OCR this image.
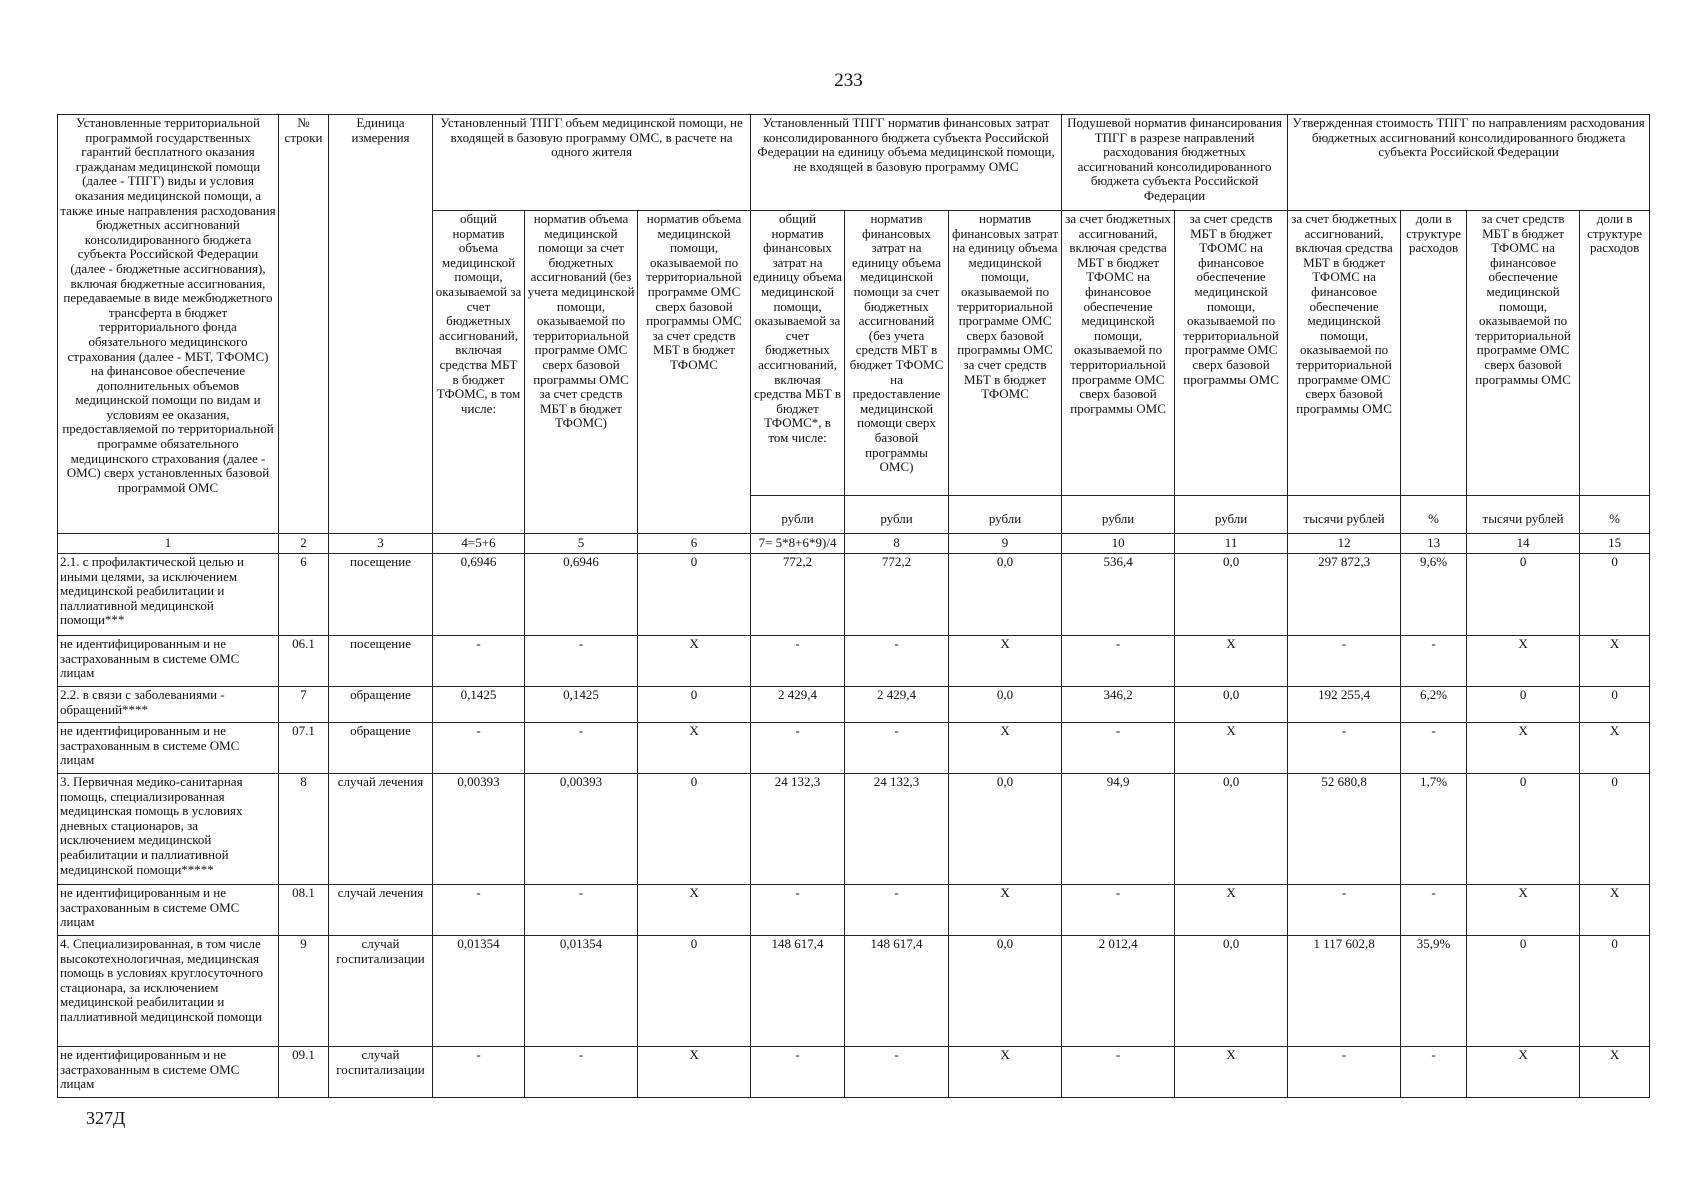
233
Установленные территориальной программой государственных гарантий бесплатного оказания гражданам медицинской помощи (далее - ТПГГ) виды и условия оказания медицинской помощи, а также иные направления расходования бюджетных ассигнований консолидированного бюджета субъекта Российской Федерации (далее - бюджетные ассигнования), включая бюджетные ассигнования, передаваемые в виде межбюджетного трансферта в бюджет территориального фонда обязательного медицинского страхования (далее - МБТ, ТФОМС) на финансовое обеспечение дополнительных объемов медицинской помощи по видам и условиям ее оказания, предоставляемой по территориальной программе обязательного медицинского страхования (далее - ОМС) сверх установленных базовой программой ОМС	№ строки	Единица измерения	Установленный ТПГГ объем медицинской помощи, не входящей в базовую программу ОМС, в расчете на одного жителя			Установленный ТПГГ норматив финансовых затрат консолидированного бюджета субъекта Российской Федерации на единицу объема медицинской помощи, не входящей в базовую программу ОМС			Подушевой норматив финансирования ТПГГ в разрезе направлений расходования бюджетных ассигнований консолидированного бюджета субъекта Российской Федерации		Утвержденная стоимость ТПГГ по направлениям расходования бюджетных ассигнований консолидированного бюджета субъекта Российской Федерации			
			общий норматив объема медицинской помощи, оказываемой за счет бюджетных ассигнований, включая средства МБТ в бюджет ТФОМС, в том числе:	норматив объема медицинской помощи за счет бюджетных ассигнований (без учета медицинской помощи, оказываемой по территориальной программе ОМС сверх базовой программы ОМС за счет средств МБТ в бюджет ТФОМС)	норматив объема медицинской помощи, оказываемой по территориальной программе ОМС сверх базовой программы ОМС за счет средств МБТ в бюджет ТФОМС	общий норматив финансовых затрат на единицу объема медицинской помощи, оказываемой за счет бюджетных ассигнований, включая средства МБТ в бюджет ТФОМС*, в том числе:	норматив финансовых затрат на единицу объема медицинской помощи за счет бюджетных ассигнований (без учета средств МБТ в бюджет ТФОМС на предоставление медицинской помощи сверх базовой программы ОМС)	норматив финансовых затрат на единицу объема медицинской помощи, оказываемой по территориальной программе ОМС сверх базовой программы ОМС за счет средств МБТ в бюджет ТФОМС	за счет бюджетных ассигнований, включая средства МБТ в бюджет ТФОМС на финансовое обеспечение медицинской помощи, оказываемой по территориальной программе ОМС сверх базовой программы ОМС	за счет средств МБТ в бюджет ТФОМС на финансовое обеспечение медицинской помощи, оказываемой по территориальной программе ОМС сверх базовой программы ОМС	за счет бюджетных ассигнований, включая средства МБТ в бюджет ТФОМС на финансовое обеспечение медицинской помощи, оказываемой по территориальной программе ОМС сверх базовой программы ОМС	доли в структуре расходов	за счет средств МБТ в бюджет ТФОМС на финансовое обеспечение медицинской помощи, оказываемой по территориальной программе ОМС сверх базовой программы ОМС	доли в структуре расходов
						рубли	рубли	рубли	рубли	рубли	тысячи рублей	%	тысячи рублей	%
1	2	3	4=5+6	5	6	7= 5*8+6*9)/4	8	9	10	11	12	13	14	15
2.1. с профилактической целью и иными целями, за исключением медицинской реабилитации и паллиативной медицинской помощи***	6	посещение	0,6946	0,6946	0	772,2	772,2	0,0	536,4	0,0	297 872,3	9,6%	0	0
не идентифицированным и не застрахованным в системе ОМС лицам	06.1	посещение	-	-	X	-	-	X	-	X	-	-	X	X
2.2. в связи с заболеваниями - обращений****	7	обращение	0,1425	0,1425	0	2 429,4	2 429,4	0,0	346,2	0,0	192 255,4	6,2%	0	0
не идентифицированным и не застрахованным в системе ОМС лицам	07.1	обращение	-	-	X	-	-	X	-	X	-	-	X	X
3. Первичная медико-санитарная помощь, специализированная медицинская помощь в условиях дневных стационаров, за исключением медицинской реабилитации и паллиативной медицинской помощи*****	8	случай лечения	0,00393	0,00393	0	24 132,3	24 132,3	0,0	94,9	0,0	52 680,8	1,7%	0	0
не идентифицированным и не застрахованным в системе ОМС лицам	08.1	случай лечения	-	-	X	-	-	X	-	X	-	-	X	X
4. Специализированная, в том числе высокотехнологичная, медицинская помощь в условиях круглосуточного стационара, за исключением медицинской реабилитации и паллиативной медицинской помощи	9	случай госпитализации	0,01354	0,01354	0	148 617,4	148 617,4	0,0	2 012,4	0,0	1 117 602,8	35,9%	0	0
не идентифицированным и не застрахованным в системе ОМС лицам	09.1	случай госпитализации	-	-	X	-	-	X	-	X	-	-	X	X
327Д
